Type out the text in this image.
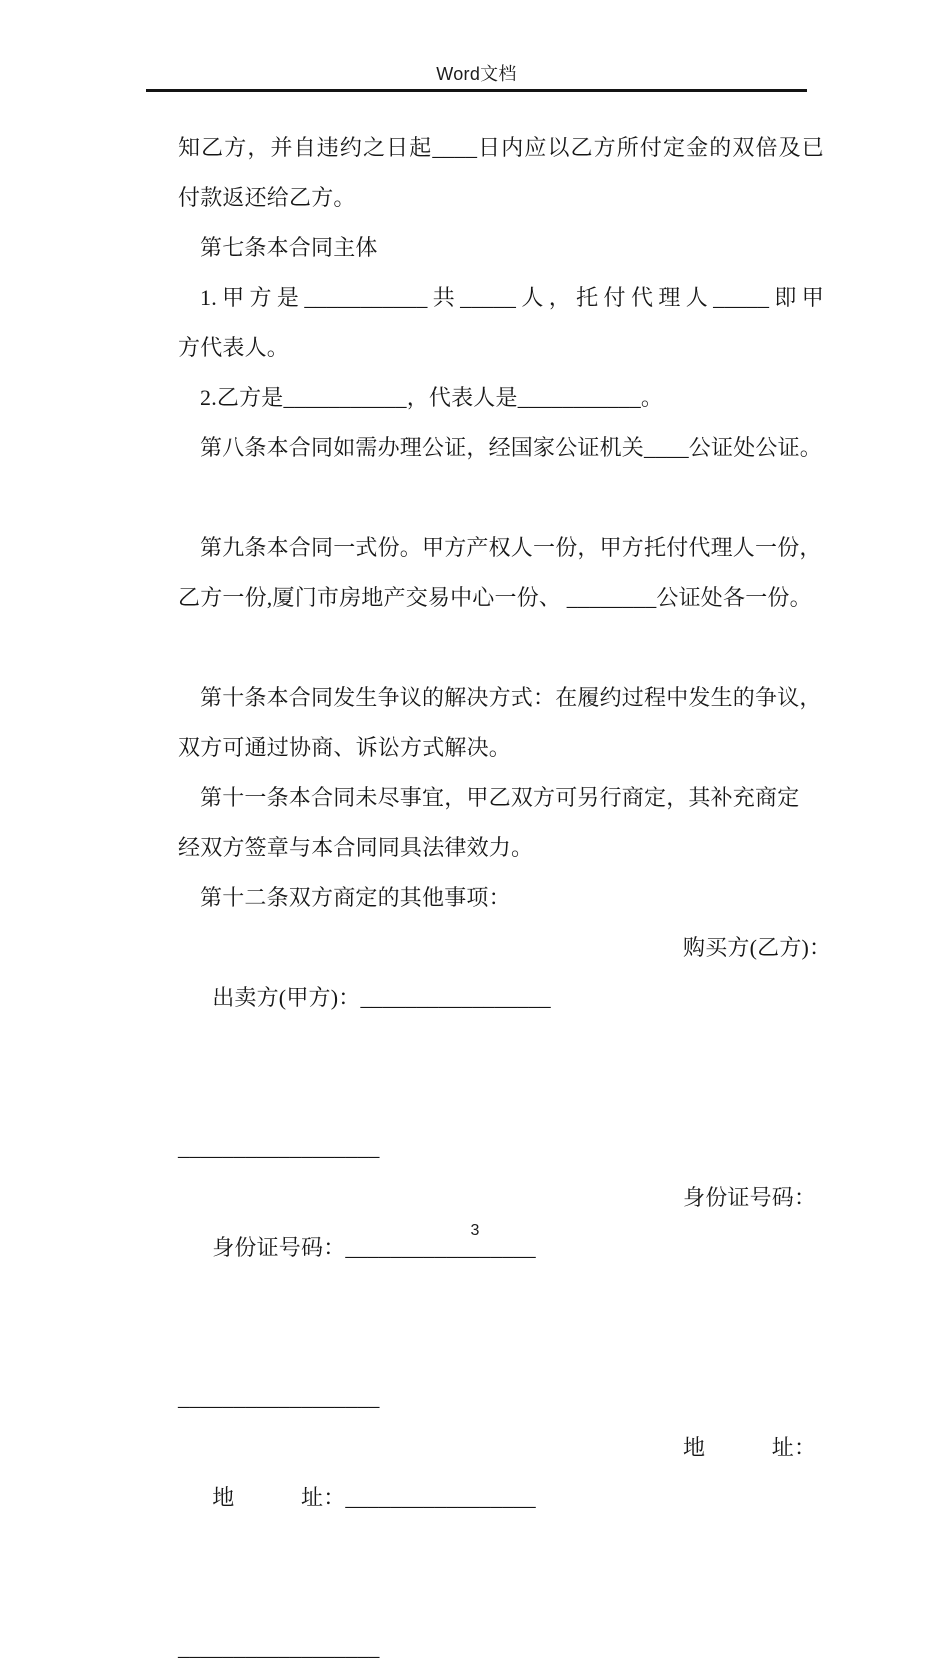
Word文档
知乙方，并自违约之日起____日内应以乙方所付定金的双倍及已
付款返还给乙方。
第七条本合同主体
1.甲方是___________共_____人，托付代理人_____即甲
方代表人。
2.乙方是___________，代表人是___________。
第八条本合同如需办理公证，经国家公证机关____公证处公证。
第九条本合同一式份。甲方产权人一份，甲方托付代理人一份，
乙方一份,厦门市房地产交易中心一份、 ________公证处各一份。
第十条本合同发生争议的解决方式：在履约过程中发生的争议，
双方可通过协商、诉讼方式解决。
第十一条本合同未尽事宜，甲乙双方可另行商定，其补充商定
经双方签章与本合同同具法律效力。
第十二条双方商定的其他事项：

出卖方(甲方)：_________________

购买方(乙方)：

__________________

身份证号码：_________________

身份证号码：

__________________

地　　　址：_________________

地　　　址：

__________________
3
